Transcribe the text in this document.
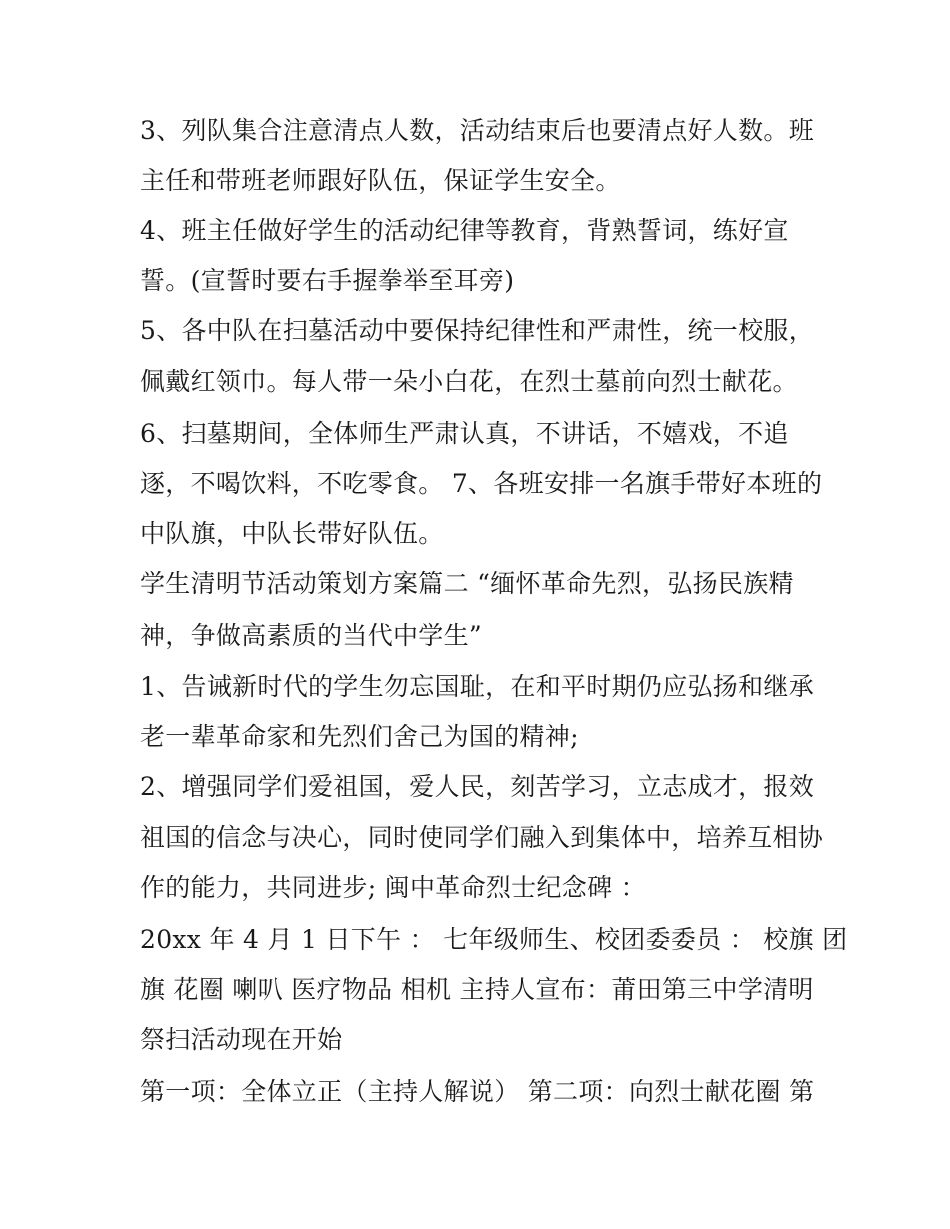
3、列队集合注意清点人数，活动结束后也要清点好人数。班
主任和带班老师跟好队伍，保证学生安全。
4、班主任做好学生的活动纪律等教育，背熟誓词，练好宣
誓。(宣誓时要右手握拳举至耳旁)
5、各中队在扫墓活动中要保持纪律性和严肃性，统一校服，
佩戴红领巾。每人带一朵小白花，在烈士墓前向烈士献花。
6、扫墓期间，全体师生严肃认真，不讲话，不嬉戏，不追
逐，不喝饮料，不吃零食。 7、各班安排一名旗手带好本班的
中队旗，中队长带好队伍。
学生清明节活动策划方案篇二 “缅怀革命先烈，弘扬民族精
神，争做高素质的当代中学生”
1、告诫新时代的学生勿忘国耻，在和平时期仍应弘扬和继承
老一辈革命家和先烈们舍己为国的精神;
2、增强同学们爱祖国，爱人民，刻苦学习，立志成才，报效
祖国的信念与决心，同时使同学们融入到集体中，培养互相协
作的能力，共同进步; 闽中革命烈士纪念碑 ：
20xx 年 4 月 1 日下午 ： 七年级师生、校团委委员 ： 校旗 团
旗 花圈 喇叭 医疗物品 相机 主持人宣布：莆田第三中学清明
祭扫活动现在开始
第一项：全体立正（主持人解说） 第二项：向烈士献花圈 第
